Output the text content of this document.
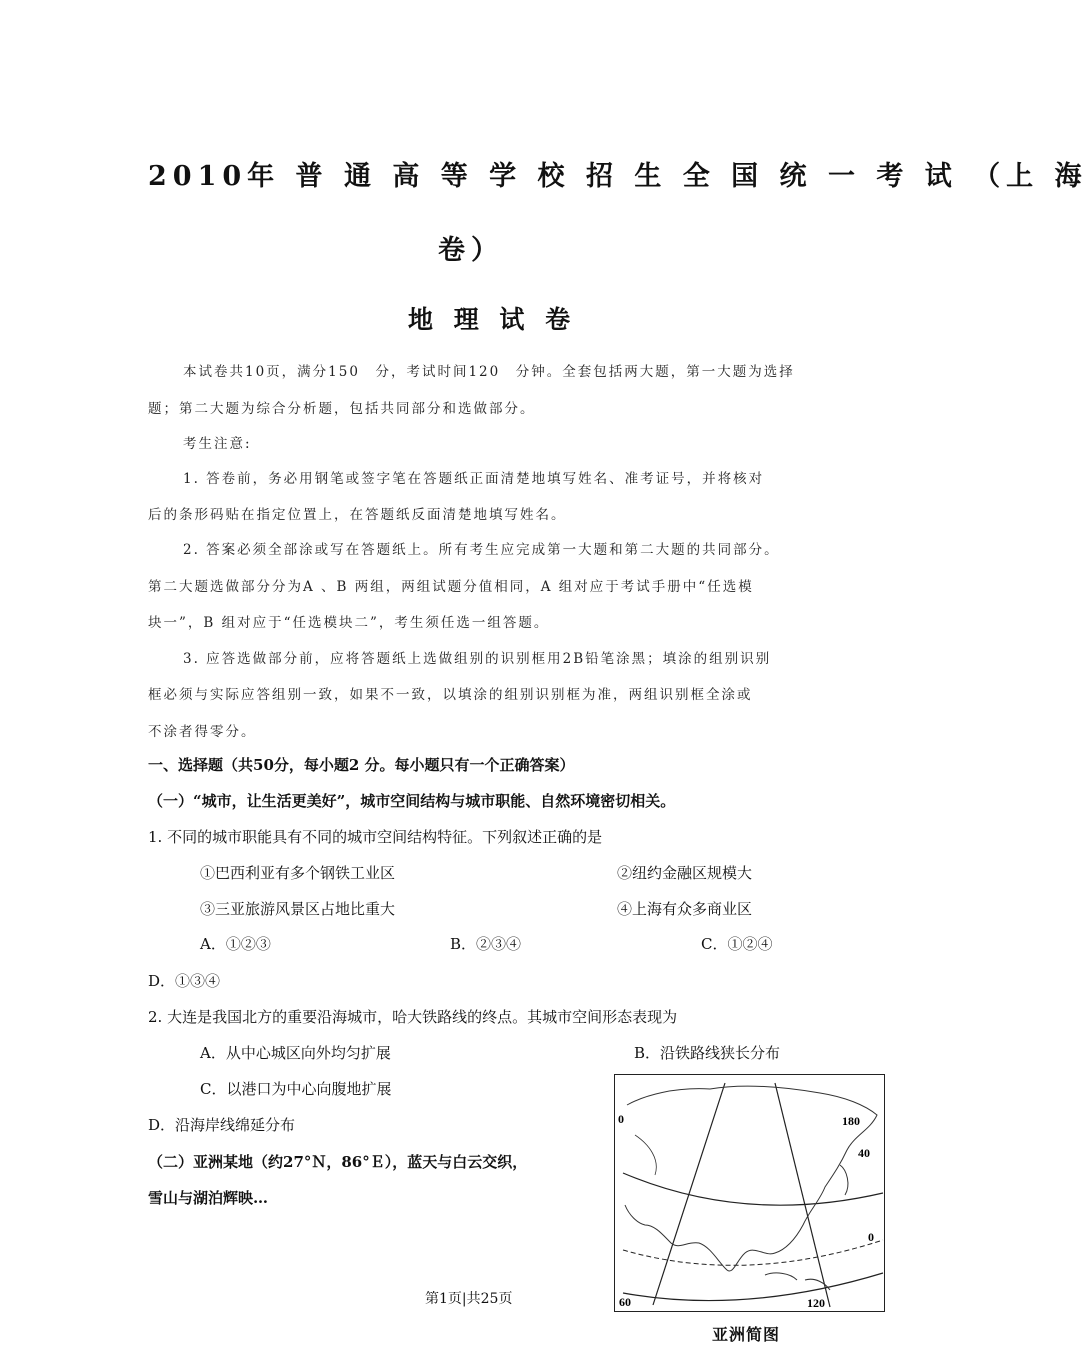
2010年 普 通 高 等 学 校 招 生 全 国 统 一 考 试 （上 海
卷）
地 理 试 卷
本试卷共10页，满分150　分，考试时间120　分钟。全套包括两大题，第一大题为选择
题；第二大题为综合分析题，包括共同部分和选做部分。
考生注意:
1. 答卷前，务必用钢笔或签字笔在答题纸正面清楚地填写姓名、准考证号，并将核对
后的条形码贴在指定位置上，在答题纸反面清楚地填写姓名。
2. 答案必须全部涂或写在答题纸上。所有考生应完成第一大题和第二大题的共同部分。
第二大题选做部分分为A 、B 两组，两组试题分值相同，A 组对应于考试手册中“任选模
块一”，B 组对应于“任选模块二”，考生须任选一组答题。
3. 应答选做部分前，应将答题纸上选做组别的识别框用2B铅笔涂黑；填涂的组别识别
框必须与实际应答组别一致，如果不一致，以填涂的组别识别框为准，两组识别框全涂或
不涂者得零分。
一、选择题（共50分，每小题2 分。每小题只有一个正确答案）
（一）“城市，让生活更美好”，城市空间结构与城市职能、自然环境密切相关。
1. 不同的城市职能具有不同的城市空间结构特征。下列叙述正确的是
①巴西利亚有多个钢铁工业区	②纽约金融区规模大
③三亚旅游风景区占地比重大	④上海有众多商业区
A．①②③	B．②③④	C．①②④
D．①③④
2. 大连是我国北方的重要沿海城市，哈大铁路线的终点。其城市空间形态表现为
A．从中心城区向外均匀扩展	B．沿铁路线狭长分布
C．以港口为中心向腹地扩展
D．沿海岸线绵延分布
（二）亚洲某地（约27°Ｎ，86°Ｅ），蓝天与白云交织，
雪山与湖泊辉映…
180
40
0
0
60	120
亚洲简图
第1页|共25页
